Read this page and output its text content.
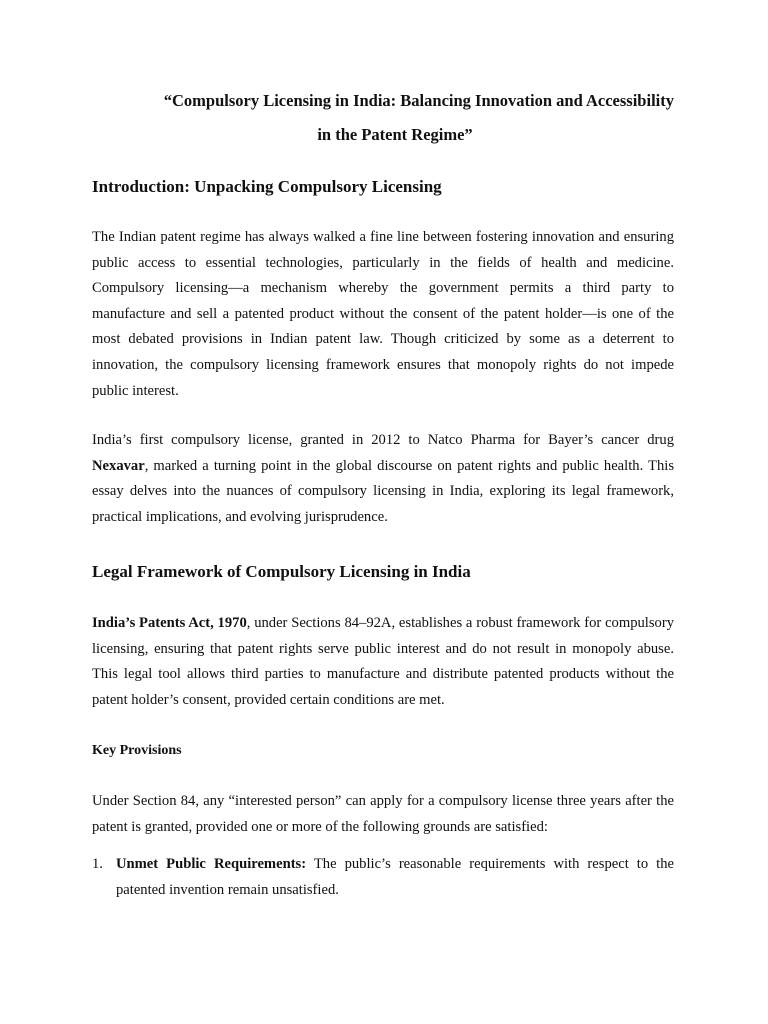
“Compulsory Licensing in India: Balancing Innovation and Accessibility
in the Patent Regime”
Introduction: Unpacking Compulsory Licensing

The Indian patent regime has always walked a fine line between fostering innovation and ensuring public access to essential technologies, particularly in the fields of health and medicine. Compulsory licensing—a mechanism whereby the government permits a third party to manufacture and sell a patented product without the consent of the patent holder—is one of the most debated provisions in Indian patent law. Though criticized by some as a deterrent to innovation, the compulsory licensing framework ensures that monopoly rights do not impede public interest.

India’s first compulsory license, granted in 2012 to Natco Pharma for Bayer’s cancer drug Nexavar, marked a turning point in the global discourse on patent rights and public health. This essay delves into the nuances of compulsory licensing in India, exploring its legal framework, practical implications, and evolving jurisprudence.

Legal Framework of Compulsory Licensing in India

India’s Patents Act, 1970, under Sections 84–92A, establishes a robust framework for compulsory licensing, ensuring that patent rights serve public interest and do not result in monopoly abuse. This legal tool allows third parties to manufacture and distribute patented products without the patent holder’s consent, provided certain conditions are met.

Key Provisions

Under Section 84, any “interested person” can apply for a compulsory license three years after the patent is granted, provided one or more of the following grounds are satisfied:

1. Unmet Public Requirements: The public’s reasonable requirements with respect to the patented invention remain unsatisfied.
